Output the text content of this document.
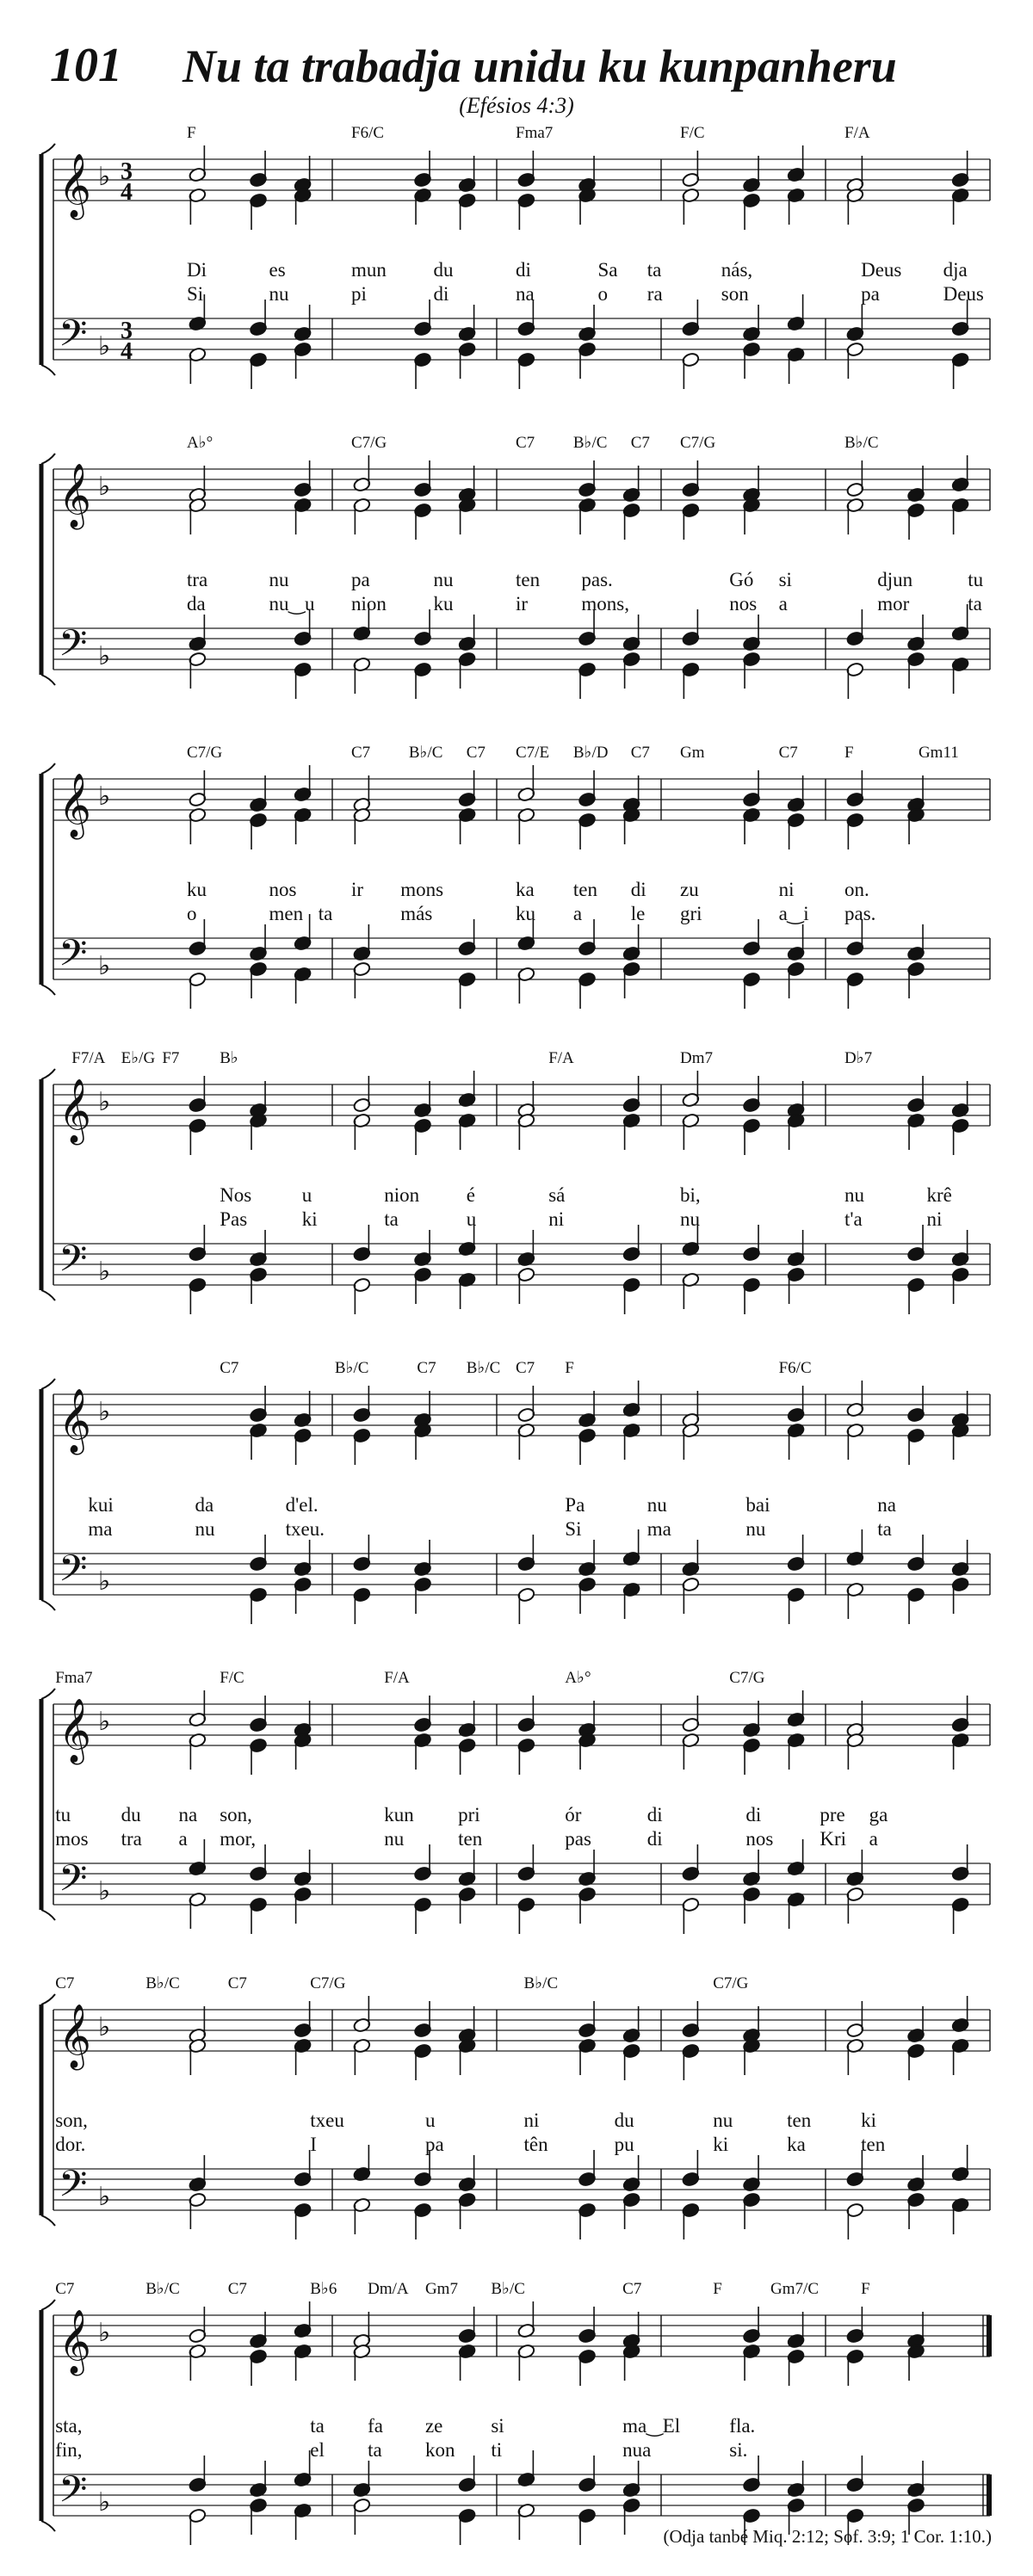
101 Nu ta trabadja unidu ku kunpanheru
(Efésios 4:3)
𝄞 ♭ 3
4
𝄢 ♭
3
4
F	F6/C	Fma7	F/C	F/A
Di	es	mun du	di	Sa ta	nás,	Deus dja
Si	nu	pi	di	na	o ra	son	pa	Deus
𝄞 ♭
𝄢 ♭
A♭°	C7/G	C7 B♭/C C7 C7/G	B♭/C
tra	nu	pa	nu	ten pas.	Gó si	djun	tu
da	nu‿u nion ku	ir	mons,	nos a	mor	ta
𝄞 ♭
𝄢 ♭
C7/G	C7 B♭/C C7 C7/E B♭/D C7 Gm	C7	F	Gm11
ku	nos	ir mons	ka ten di zu	ni	on.
o	men ta	más	ku a le gri	a‿i pas.
𝄞 ♭
𝄢 ♭
F7/A E♭/G F7 B♭	F/A	Dm7	D♭7
Nos	u	nion é	sá	bi,	nu	krê
Pas	ki	ta	u	ni	nu	t'a	ni
𝄞 ♭
𝄢 ♭
C7	B♭/C	C7 B♭/C C7 F	F6/C
kui	da	d'el.	Pa	nu	bai	na
ma	nu	txeu.	Si	ma	nu	ta
𝄞 ♭
𝄢 ♭
Fma7	F/C	F/A	A♭°	C7/G
tu	du na son,	kun pri	ór	di	di	pre ga
mos tra a mor,	nu	ten	pas	di	nos Kri a
𝄞 ♭
𝄢 ♭
C7	B♭/C	C7	C7/G	B♭/C	C7/G
son,	txeu	u	ni	du	nu	ten	ki
dor.	I	pa	tên	pu	ki	ka	ten
𝄞 ♭
𝄢 ♭
C7	B♭/C	C7	B♭6 Dm/A Gm7 B♭/C	C7	F	Gm7/C	F
sta,	ta fa ze si	ma‿El fla.
fin,	el ta kon ti	nua	si.
(Odja tanbé Miq. 2:12; Sof. 3:9; 1 Cor. 1:10.)
